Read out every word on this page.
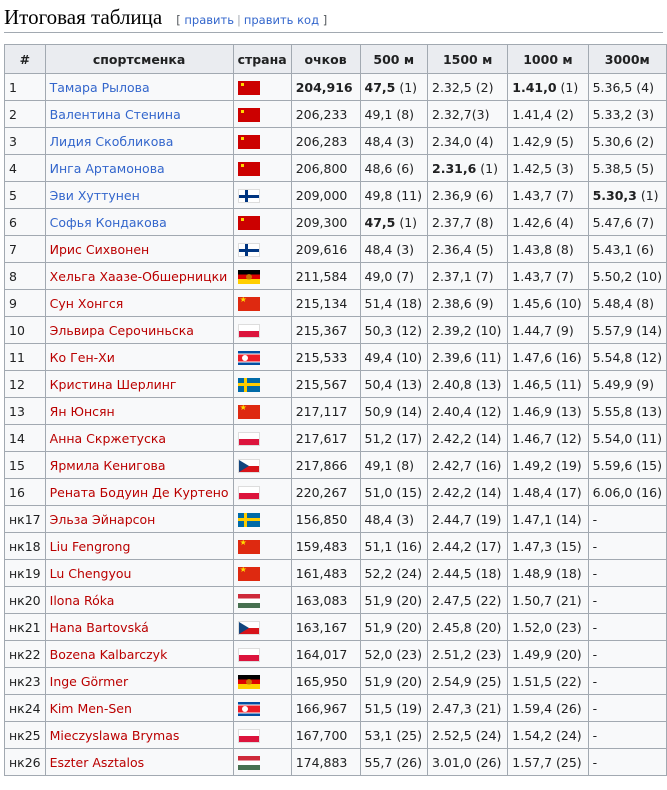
Итоговая таблица [ править | править код ]
#	спортсменка	страна	очков	500 м	1500 м	1000 м	3000м
1	Тамара Рылова		204,916	47,5 (1)	2.32,5 (2)	1.41,0 (1)	5.36,5 (4)
2	Валентина Стенина		206,233	49,1 (8)	2.32,7(3)	1.41,4 (2)	5.33,2 (3)
3	Лидия Скобликова		206,283	48,4 (3)	2.34,0 (4)	1.42,9 (5)	5.30,6 (2)
4	Инга Артамонова		206,800	48,6 (6)	2.31,6 (1)	1.42,5 (3)	5.38,5 (5)
5	Эви Хуттунен		209,000	49,8 (11)	2.36,9 (6)	1.43,7 (7)	5.30,3 (1)
6	Софья Кондакова		209,300	47,5 (1)	2.37,7 (8)	1.42,6 (4)	5.47,6 (7)
7	Ирис Сихвонен		209,616	48,4 (3)	2.36,4 (5)	1.43,8 (8)	5.43,1 (6)
8	Хельга Хаазе-Обшерницки		211,584	49,0 (7)	2.37,1 (7)	1.43,7 (7)	5.50,2 (10)
9	Сун Хонгся	★	215,134	51,4 (18)	2.38,6 (9)	1.45,6 (10)	5.48,4 (8)
10	Эльвира Серочиньска		215,367	50,3 (12)	2.39,2 (10)	1.44,7 (9)	5.57,9 (14)
11	Ко Ген-Хи		215,533	49,4 (10)	2.39,6 (11)	1.47,6 (16)	5.54,8 (12)
12	Кристина Шерлинг		215,567	50,4 (13)	2.40,8 (13)	1.46,5 (11)	5.49,9 (9)
13	Ян Юнсян	★	217,117	50,9 (14)	2.40,4 (12)	1.46,9 (13)	5.55,8 (13)
14	Анна Скржетуска		217,617	51,2 (17)	2.42,2 (14)	1.46,7 (12)	5.54,0 (11)
15	Ярмила Кенигова		217,866	49,1 (8)	2.42,7 (16)	1.49,2 (19)	5.59,6 (15)
16	Рената Бодуин Де Куртено		220,267	51,0 (15)	2.42,2 (14)	1.48,4 (17)	6.06,0 (16)
нк17	Эльза Эйнарсон		156,850	48,4 (3)	2.44,7 (19)	1.47,1 (14)	-
нк18	Liu Fengrong	★	159,483	51,1 (16)	2.44,2 (17)	1.47,3 (15)	-
нк19	Lu Chengyou	★	161,483	52,2 (24)	2.44,5 (18)	1.48,9 (18)	-
нк20	Ilona Róka		163,083	51,9 (20)	2.47,5 (22)	1.50,7 (21)	-
нк21	Hana Bartovská		163,167	51,9 (20)	2.45,8 (20)	1.52,0 (23)	-
нк22	Bozena Kalbarczyk		164,017	52,0 (23)	2.51,2 (23)	1.49,9 (20)	-
нк23	Inge Görmer		165,950	51,9 (20)	2.54,9 (25)	1.51,5 (22)	-
нк24	Kim Men-Sen		166,967	51,5 (19)	2.47,3 (21)	1.59,4 (26)	-
нк25	Mieczyslawa Brymas		167,700	53,1 (25)	2.52,5 (24)	1.54,2 (24)	-
нк26	Eszter Asztalos		174,883	55,7 (26)	3.01,0 (26)	1.57,7 (25)	-
